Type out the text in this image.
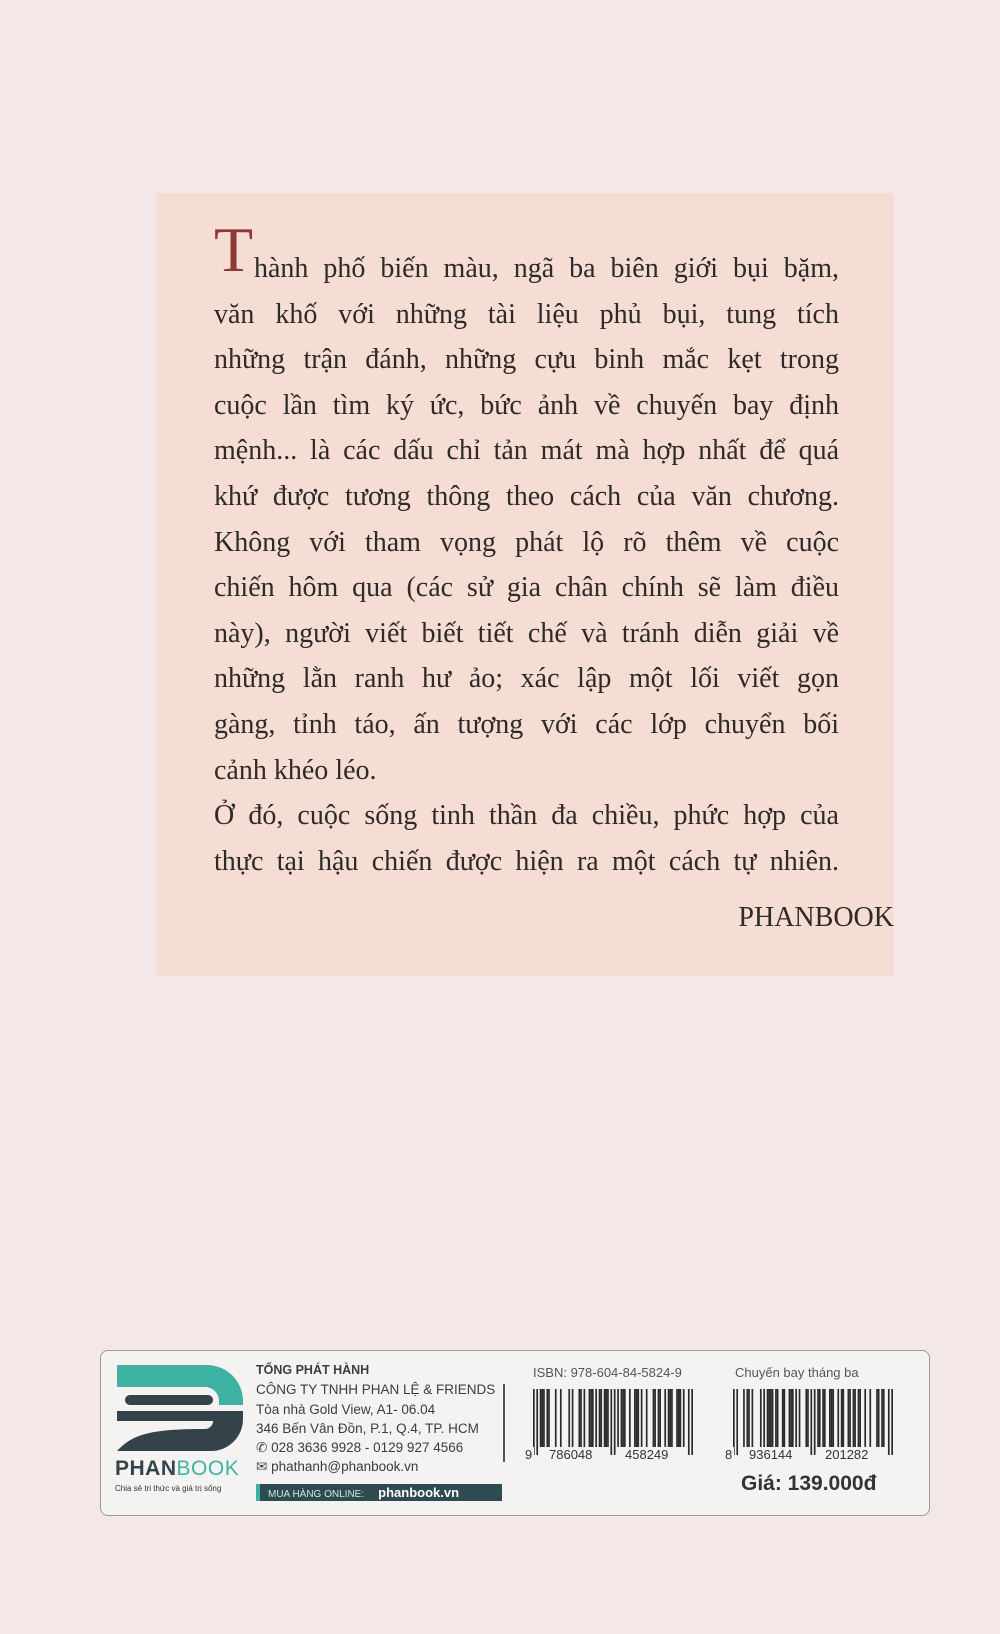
T hành phố biến màu, ngã ba biên giới bụi bặm,
văn khố với những tài liệu phủ bụi, tung tích
những trận đánh, những cựu binh mắc kẹt trong
cuộc lần tìm ký ức, bức ảnh về chuyến bay định
mệnh... là các dấu chỉ tản mát mà hợp nhất để quá
khứ được tương thông theo cách của văn chương.
Không với tham vọng phát lộ rõ thêm về cuộc
chiến hôm qua (các sử gia chân chính sẽ làm điều
này), người viết biết tiết chế và tránh diễn giải về
những lằn ranh hư ảo; xác lập một lối viết gọn
gàng, tỉnh táo, ấn tượng với các lớp chuyển bối
cảnh khéo léo.
Ở đó, cuộc sống tinh thần đa chiều, phức hợp của
thực tại hậu chiến được hiện ra một cách tự nhiên.
PHANBOOK
PHANBOOK
Chia sẻ tri thức và giá trị sống
TỔNG PHÁT HÀNH
CÔNG TY TNHH PHAN LỆ & FRIENDS
Tòa nhà Gold View, A1- 06.04
346 Bến Vân Đồn, P.1, Q.4, TP. HCM
✆ 028 3636 9928 - 0129 927 4566
✉ phathanh@phanbook.vn
MUA HÀNG ONLINE: phanbook.vn
ISBN: 978-604-84-5824-9	Chuyến bay tháng ba
9 786048	458249	8 936144	201282
Giá: 139.000đ
